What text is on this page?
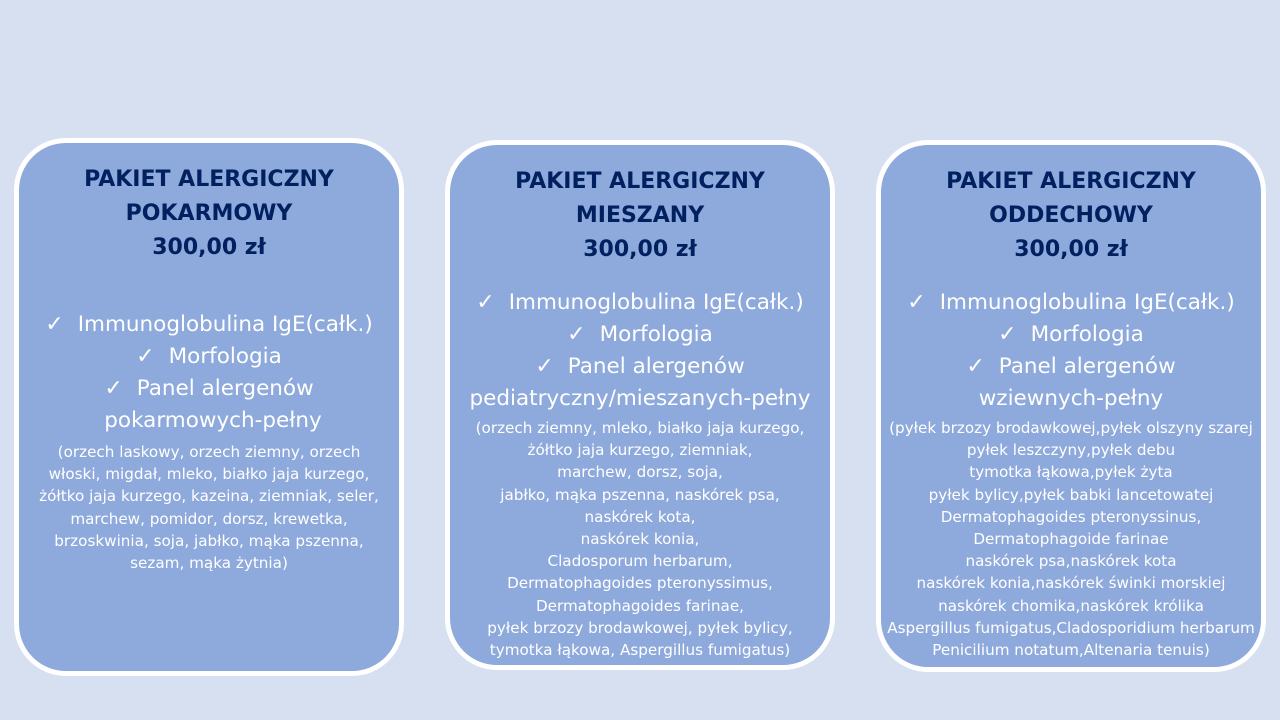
PAKIET ALERGICZNY
POKARMOWY
300,00 zł
✓ Immunoglobulina IgE(całk.)
✓ Morfologia
✓ Panel alergenów
pokarmowych-pełny
(orzech laskowy, orzech ziemny, orzech
włoski, migdał, mleko, białko jaja kurzego,
żółtko jaja kurzego, kazeina, ziemniak, seler,
marchew, pomidor, dorsz, krewetka,
brzoskwinia, soja, jabłko, mąka pszenna,
sezam, mąka żytnia)
PAKIET ALERGICZNY
MIESZANY
300,00 zł
✓ Immunoglobulina IgE(całk.)
✓ Morfologia
✓ Panel alergenów
pediatryczny/mieszanych-pełny
(orzech ziemny, mleko, białko jaja kurzego,
żółtko jaja kurzego, ziemniak,
marchew, dorsz, soja,
jabłko, mąka pszenna, naskórek psa,
naskórek kota,
naskórek konia,
Cladosporum herbarum,
Dermatophagoides pteronyssimus,
Dermatophagoides farinae,
pyłek brzozy brodawkowej, pyłek bylicy,
tymotka łąkowa, Aspergillus fumigatus)
PAKIET ALERGICZNY
ODDECHOWY
300,00 zł
✓ Immunoglobulina IgE(całk.)
✓ Morfologia
✓ Panel alergenów
wziewnych-pełny
(pyłek brzozy brodawkowej,pyłek olszyny szarej
pyłek leszczyny,pyłek debu
tymotka łąkowa,pyłek żyta
pyłek bylicy,pyłek babki lancetowatej
Dermatophagoides pteronyssinus,
Dermatophagoide farinae
naskórek psa,naskórek kota
naskórek konia,naskórek świnki morskiej
naskórek chomika,naskórek królika
Aspergillus fumigatus,Cladosporidium herbarum
Penicilium notatum,Altenaria tenuis)
